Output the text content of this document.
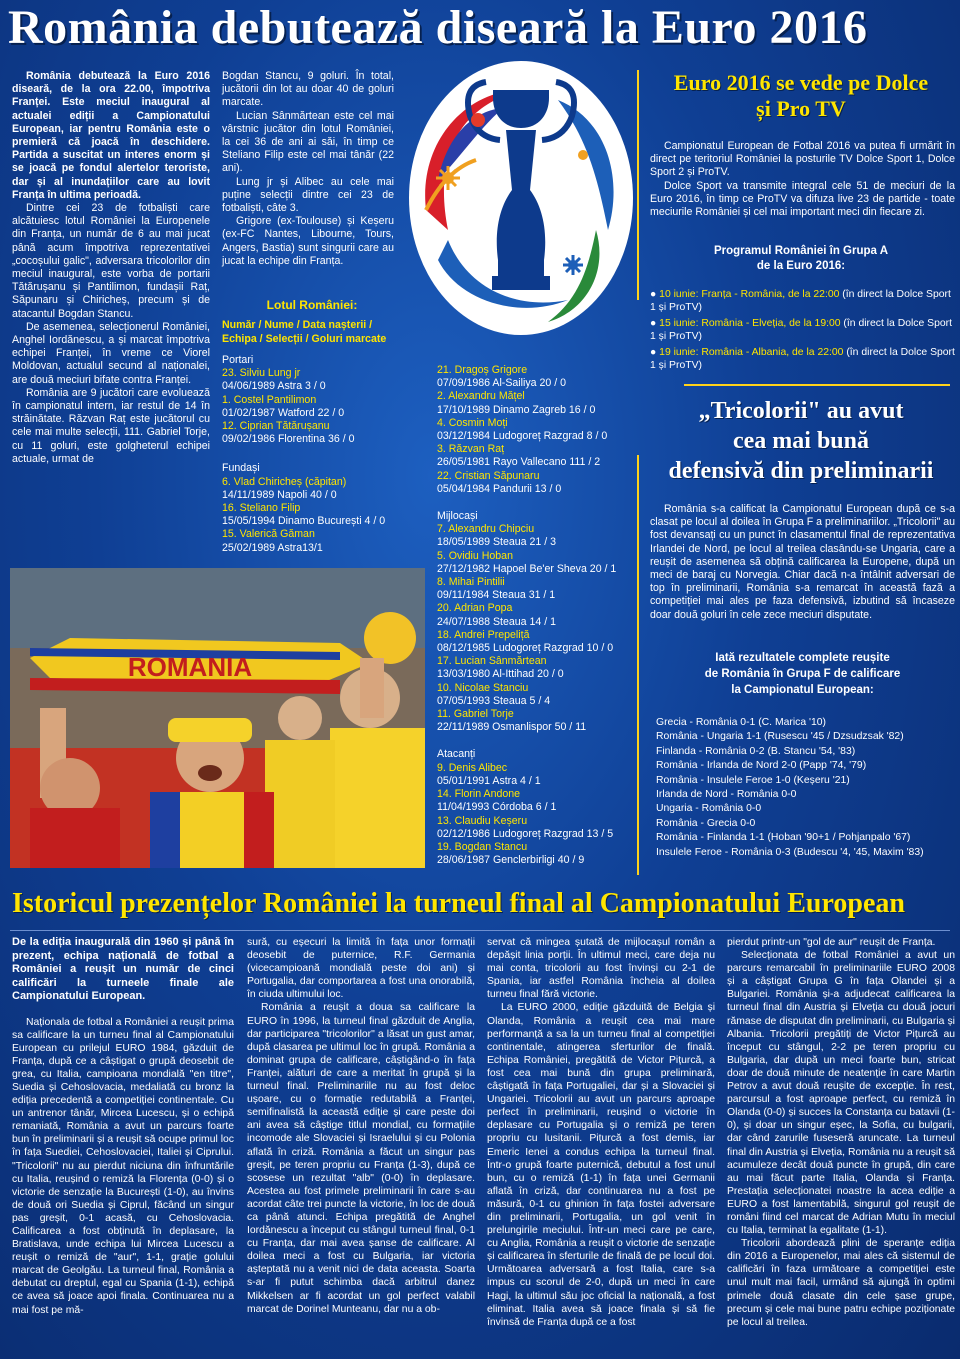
România debutează diseară la Euro 2016

România debutează la Euro 2016 diseară, de la ora 22.00, împotriva Franței. Este meciul inaugural al actualei ediții a Campionatului European, iar pentru România este o premieră că joacă în deschidere. Partida a suscitat un interes enorm și se joacă pe fondul alertelor teroriste, dar și al inundațiilor care au lovit Franța în ultima perioadă.

Dintre cei 23 de fotbaliști care alcătuiesc lotul României la Europenele din Franța, un număr de 6 au mai jucat până acum împotriva reprezentativei „cocoșului galic", adversara tricolorilor din meciul inaugural, este vorba de portarii Tătărușanu și Pantilimon, fundașii Raț, Săpunaru și Chiricheș, precum și de atacantul Bogdan Stancu.

De asemenea, selecționerul României, Anghel Iordănescu, a și marcat împotriva echipei Franței, în vreme ce Viorel Moldovan, actualul secund al naționalei, are două meciuri bifate contra Franței.

România are 9 jucători care evoluează în campionatul intern, iar restul de 14 în străinătate. Răzvan Raț este jucătorul cu cele mai multe selecții, 111. Gabriel Torje, cu 11 goluri, este golgheterul echipei actuale, urmat de

Bogdan Stancu, 9 goluri. În total, jucătorii din lot au doar 40 de goluri marcate.

Lucian Sânmărtean este cel mai vârstnic jucător din lotul României, la cei 36 de ani ai săi, în timp ce Steliano Filip este cel mai tânăr (22 ani).

Lung jr și Alibec au cele mai puține selecții dintre cei 23 de fotbaliști, câte 3.

Grigore (ex-Toulouse) și Keșeru (ex-FC Nantes, Libourne, Tours, Angers, Bastia) sunt singurii care au jucat la echipe din Franța.

Lotul României:
Număr / Nume / Data nașterii / Echipa / Selecții / Goluri marcate
Portari
23. Silviu Lung jr
04/06/1989 Astra 3 / 0
1. Costel Pantilimon
01/02/1987 Watford 22 / 0
12. Ciprian Tătărușanu
09/02/1986 Florentina 36 / 0
Fundași
6. Vlad Chiricheș (căpitan)
14/11/1989 Napoli 40 / 0
16. Steliano Filip
15/05/1994 Dinamo București 4 / 0
15. Valerică Găman
25/02/1989 Astra13/1
21. Dragoș Grigore
07/09/1986 Al-Sailiya 20 / 0
2. Alexandru Mățel
17/10/1989 Dinamo Zagreb 16 / 0
4. Cosmin Moți
03/12/1984 Ludogoreț Razgrad 8 / 0
3. Răzvan Raț
26/05/1981 Rayo Vallecano 111 / 2
22. Cristian Săpunaru
05/04/1984 Pandurii 13 / 0
Mijlocași
7. Alexandru Chipciu
18/05/1989 Steaua 21 / 3
5. Ovidiu Hoban
27/12/1982 Hapoel Be'er Sheva 20 / 1
8. Mihai Pintilii
09/11/1984 Steaua 31 / 1
20. Adrian Popa
24/07/1988 Steaua 14 / 1
18. Andrei Prepeliță
08/12/1985 Ludogoreț Razgrad 10 / 0
17. Lucian Sânmărtean
13/03/1980 Al-Ittihad 20 / 0
10. Nicolae Stanciu
07/05/1993 Steaua 5 / 4
11. Gabriel Torje
22/11/1989 Osmanlispor 50 / 11
Atacanți
9. Denis Alibec
05/01/1991 Astra 4 / 1
14. Florin Andone
11/04/1993 Córdoba 6 / 1
13. Claudiu Keșeru
02/12/1986 Ludogoreț Razgrad 13 / 5
19. Bogdan Stancu
28/06/1987 Genclerbirligi 40 / 9
ROMANIA
Euro 2016 se vede pe Dolce
și Pro TV

Campionatul European de Fotbal 2016 va putea fi urmărit în direct pe teritoriul României la posturile TV Dolce Sport 1, Dolce Sport 2 și ProTV.

Dolce Sport va transmite integral cele 51 de meciuri de la Euro 2016, în timp ce ProTV va difuza live 23 de partide - toate meciurile României și cel mai important meci din fiecare zi.

Programul României în Grupa A
de la Euro 2016:
● 10 iunie: Franța - România, de la 22:00 (în direct la Dolce Sport 1 și ProTV)
● 15 iunie: România - Elveția, de la 19:00 (în direct la Dolce Sport 1 și ProTV)
● 19 iunie: România - Albania, de la 22:00 (în direct la Dolce Sport 1 și ProTV)
„Tricolorii" au avut
cea mai bună
defensivă din preliminarii

România s-a calificat la Campionatul European după ce s-a clasat pe locul al doilea în Grupa F a preliminariilor. „Tricolorii" au fost devansați cu un punct în clasamentul final de reprezentativa Irlandei de Nord, pe locul al treilea clasându-se Ungaria, care a reușit de asemenea să obțină calificarea la Europene, după un meci de baraj cu Norvegia. Chiar dacă n-a întâlnit adversari de top în preliminarii, România s-a remarcat în această fază a competiției mai ales pe faza defensivă, izbutind să încaseze doar două goluri în cele zece meciuri disputate.

Iată rezultatele complete reușite
de România în Grupa F de calificare
la Campionatul European:
Grecia - România 0-1 (C. Marica '10)
România - Ungaria 1-1 (Rusescu '45 / Dzsudzsak '82)
Finlanda - România 0-2 (B. Stancu '54, '83)
România - Irlanda de Nord 2-0 (Papp '74, '79)
România - Insulele Feroe 1-0 (Keșeru '21)
Irlanda de Nord - România 0-0
Ungaria - România 0-0
România - Grecia 0-0
România - Finlanda 1-1 (Hoban '90+1 / Pohjanpalo '67)
Insulele Feroe - România 0-3 (Budescu '4, '45, Maxim '83)
Istoricul prezențelor României la turneul final al Campionatului European
De la ediția inaugurală din 1960 și până în prezent, echipa națională de fotbal a României a reușit un număr de cinci calificări la turneele finale ale Campionatului European.

Naționala de fotbal a României a reușit prima sa calificare la un turneu final al Campionatului European cu prilejul EURO 1984, găzduit de Franța, după ce a câștigat o grupă deosebit de grea, cu Italia, campioana mondială "en titre", Suedia și Cehoslovacia, medaliată cu bronz la ediția precedentă a competiției continentale. Cu un antrenor tânăr, Mircea Lucescu, și o echipă remaniată, România a avut un parcurs foarte bun în preliminarii și a reușit să ocupe primul loc în fața Suediei, Cehoslovaciei, Italiei și Ciprului. "Tricolorii" nu au pierdut niciuna din înfruntările cu Italia, reușind o remiză la Florența (0-0) și o victorie de senzație la București (1-0), au învins de două ori Suedia și Ciprul, făcând un singur pas greșit, 0-1 acasă, cu Cehoslovacia. Calificarea a fost obținută în deplasare, la Bratislava, unde echipa lui Mircea Lucescu a reușit o remiză de "aur", 1-1, grație golului marcat de Geolgău. La turneul final, România a debutat cu dreptul, egal cu Spania (1-1), echipă ce avea să joace apoi finala. Continuarea nu a mai fost pe mă-

sură, cu eșecuri la limită în fața unor formații deosebit de puternice, R.F. Germania (vicecampioană mondială peste doi ani) și Portugalia, dar comportarea a fost una onorabilă, în ciuda ultimului loc.

România a reușit a doua sa calificare la EURO în 1996, la turneul final găzduit de Anglia, dar participarea "tricolorilor" a lăsat un gust amar, după clasarea pe ultimul loc în grupă. România a dominat grupa de calificare, câștigând-o în fața Franței, alături de care a meritat în grupă și la turneul final. Preliminariile nu au fost deloc ușoare, cu o formație redutabilă a Franței, semifinalistă la această ediție și care peste doi ani avea să câștige titlul mondial, cu formațiile incomode ale Slovaciei și Israelului și cu Polonia aflată în criză. România a făcut un singur pas greșit, pe teren propriu cu Franța (1-3), după ce scosese un rezultat "alb" (0-0) în deplasare. Acestea au fost primele preliminarii în care s-au acordat câte trei puncte la victorie, în loc de două ca până atunci. Echipa pregătită de Anghel Iordănescu a început cu stângul turneul final, 0-1 cu Franța, dar mai avea șanse de calificare. Al doilea meci a fost cu Bulgaria, iar victoria așteptată nu a venit nici de data aceasta. Soarta s-ar fi putut schimba dacă arbitrul danez Mikkelsen ar fi acordat un gol perfect valabil marcat de Dorinel Munteanu, dar nu a ob-

servat că mingea șutată de mijlocașul român a depășit linia porții. În ultimul meci, care deja nu mai conta, tricolorii au fost învinși cu 2-1 de Spania, iar astfel România încheia al doilea turneu final fără victorie.

La EURO 2000, ediție găzduită de Belgia și Olanda, România a reușit cea mai mare performanță a sa la un turneu final al competiției continentale, atingerea sferturilor de finală. Echipa României, pregătită de Victor Pițurcă, a fost cea mai bună din grupa preliminară, câștigată în fața Portugaliei, dar și a Slovaciei și Ungariei. Tricolorii au avut un parcurs aproape perfect în preliminarii, reușind o victorie în deplasare cu Portugalia și o remiză pe teren propriu cu lusitanii. Pițurcă a fost demis, iar Emeric Ienei a condus echipa la turneul final. Într-o grupă foarte puternică, debutul a fost unul bun, cu o remiză (1-1) în fața unei Germanii aflată în criză, dar continuarea nu a fost pe măsură, 0-1 cu ghinion în fața fostei adversare din preliminarii, Portugalia, un gol venit în prelungirile meciului. Într-un meci care pe care, cu Anglia, România a reușit o victorie de senzație și calificarea în sferturile de finală de pe locul doi. Următoarea adversară a fost Italia, care s-a impus cu scorul de 2-0, după un meci în care Hagi, la ultimul său joc oficial la națională, a fost eliminat. Italia avea să joace finala și să fie învinsă de Franța după ce a fost

pierdut printr-un "gol de aur" reușit de Franța.

Selecționata de fotbal României a avut un parcurs remarcabil în preliminariile EURO 2008 și a câștigat Grupa G în fața Olandei și a Bulgariei. România și-a adjudecat calificarea la turneul final din Austria și Elveția cu două jocuri rămase de disputat din preliminarii, cu Bulgaria și Albania. Tricolorii pregătiți de Victor Pițurcă au început cu stângul, 2-2 pe teren propriu cu Bulgaria, dar după un meci foarte bun, stricat doar de două minute de neatenție în care Martin Petrov a avut două reușite de excepție. În rest, parcursul a fost aproape perfect, cu remiză în Olanda (0-0) și succes la Constanța cu batavii (1-0), și doar un singur eșec, la Sofia, cu bulgarii, dar când zarurile fuseseră aruncate. La turneul final din Austria și Elveția, România nu a reușit să acumuleze decât două puncte în grupă, din care au mai făcut parte Italia, Olanda și Franța. Prestația selecționatei noastre la acea ediție a EURO a fost lamentabilă, singurul gol reușit de români fiind cel marcat de Adrian Mutu în meciul cu Italia, terminat la egalitate (1-1).

Tricolorii abordează plini de speranțe ediția din 2016 a Europenelor, mai ales că sistemul de calificări în faza următoare a competiției este unul mult mai facil, urmând să ajungă în optimi primele două clasate din cele șase grupe, precum și cele mai bune patru echipe poziționate pe locul al treilea.
